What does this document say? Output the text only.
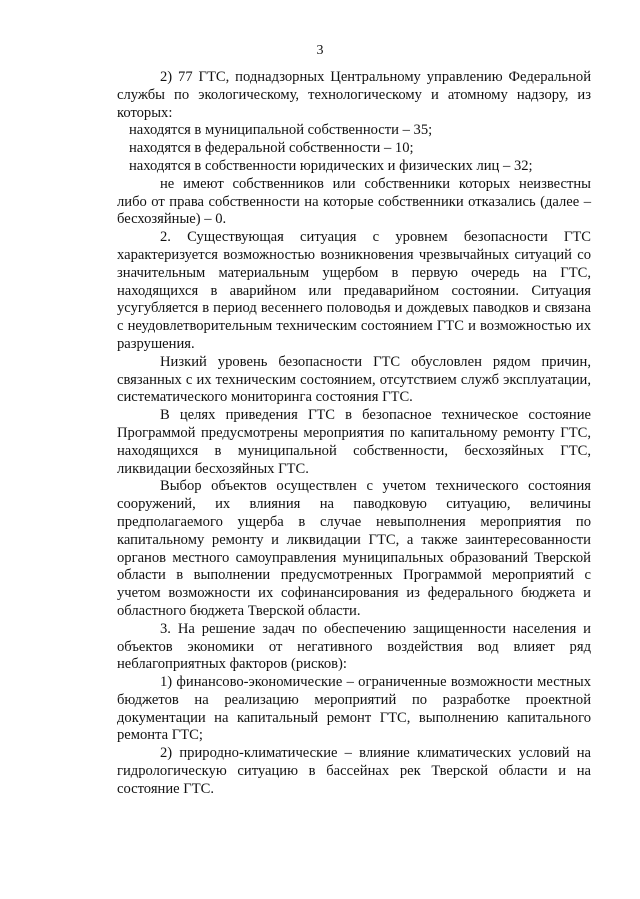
3

2) 77 ГТС, поднадзорных Центральному управлению Федеральной службы по экологическому, технологическому и атомному надзору, из которых:

находятся в муниципальной собственности – 35;

находятся в федеральной собственности – 10;

находятся в собственности юридических и физических лиц – 32;

не имеют собственников или собственники которых неизвестны либо от права собственности на которые собственники отказались (далее – бесхозяйные) – 0.

2. Существующая ситуация с уровнем безопасности ГТС характеризуется возможностью возникновения чрезвычайных ситуаций со значительным материальным ущербом в первую очередь на ГТС, находящихся в аварийном или предаварийном состоянии. Ситуация усугубляется в период весеннего половодья и дождевых паводков и связана с неудовлетворительным техническим состоянием ГТС и возможностью их разрушения.

Низкий уровень безопасности ГТС обусловлен рядом причин, связанных с их техническим состоянием, отсутствием служб эксплуатации, систематического мониторинга состояния ГТС.

В целях приведения ГТС в безопасное техническое состояние Программой предусмотрены мероприятия по капитальному ремонту ГТС, находящихся в муниципальной собственности, бесхозяйных ГТС, ликвидации бесхозяйных ГТС.

Выбор объектов осуществлен с учетом технического состояния сооружений, их влияния на паводковую ситуацию, величины предполагаемого ущерба в случае невыполнения мероприятия по капитальному ремонту и ликвидации ГТС, а также заинтересованности органов местного самоуправления муниципальных образований Тверской области в выполнении предусмотренных Программой мероприятий с учетом возможности их софинансирования из федерального бюджета и областного бюджета Тверской области.

3. На решение задач по обеспечению защищенности населения и объектов экономики от негативного воздействия вод влияет ряд неблагоприятных факторов (рисков):

1) финансово-экономические – ограниченные возможности местных бюджетов на реализацию мероприятий по разработке проектной документации на капитальный ремонт ГТС, выполнению капитального ремонта ГТС;

2) природно-климатические – влияние климатических условий на гидрологическую ситуацию в бассейнах рек Тверской области и на состояние ГТС.
